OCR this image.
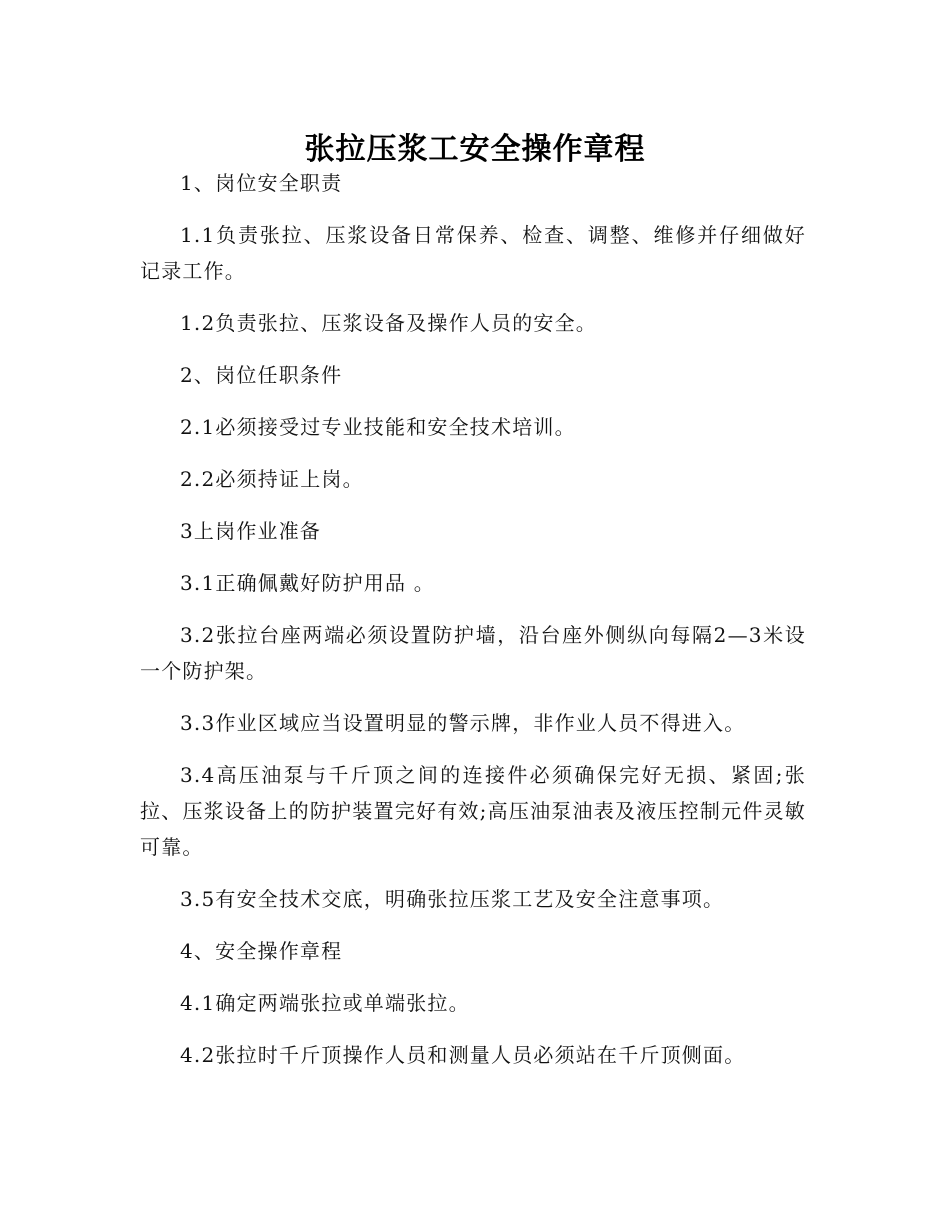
张拉压浆工安全操作章程

1、岗位安全职责

1.1负责张拉、压浆设备日常保养、检查、调整、维修并仔细做好记录工作。

1.2负责张拉、压浆设备及操作人员的安全。

2、岗位任职条件

2.1必须接受过专业技能和安全技术培训。

2.2必须持证上岗。

3上岗作业准备

3.1正确佩戴好防护用品 。

3.2张拉台座两端必须设置防护墙，沿台座外侧纵向每隔2—3米设一个防护架。

3.3作业区域应当设置明显的警示牌，非作业人员不得进入。

3.4高压油泵与千斤顶之间的连接件必须确保完好无损、紧固;张拉、压浆设备上的防护装置完好有效;高压油泵油表及液压控制元件灵敏可靠。

3.5有安全技术交底，明确张拉压浆工艺及安全注意事项。

4、安全操作章程

4.1确定两端张拉或单端张拉。

4.2张拉时千斤顶操作人员和测量人员必须站在千斤顶侧面。
